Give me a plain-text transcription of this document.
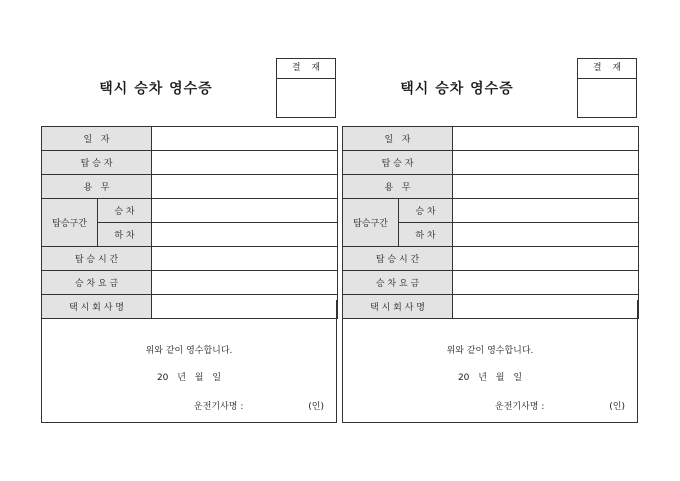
택시 승차 영수증
결 재
일   자		
탑 승 자		
용   무		
탑승구간	승 차	
	하 차	
탑 승 시 간		
승 차 요 금		
택 시 회 사 명		
위와 같이 영수합니다.
20 년 월 일
운전기사명 :	(인)
택시 승차 영수증
결 재
일   자		
탑 승 자		
용   무		
탑승구간	승 차	
	하 차	
탑 승 시 간		
승 차 요 금		
택 시 회 사 명		
위와 같이 영수합니다.
20 년 월 일
운전기사명 :	(인)
